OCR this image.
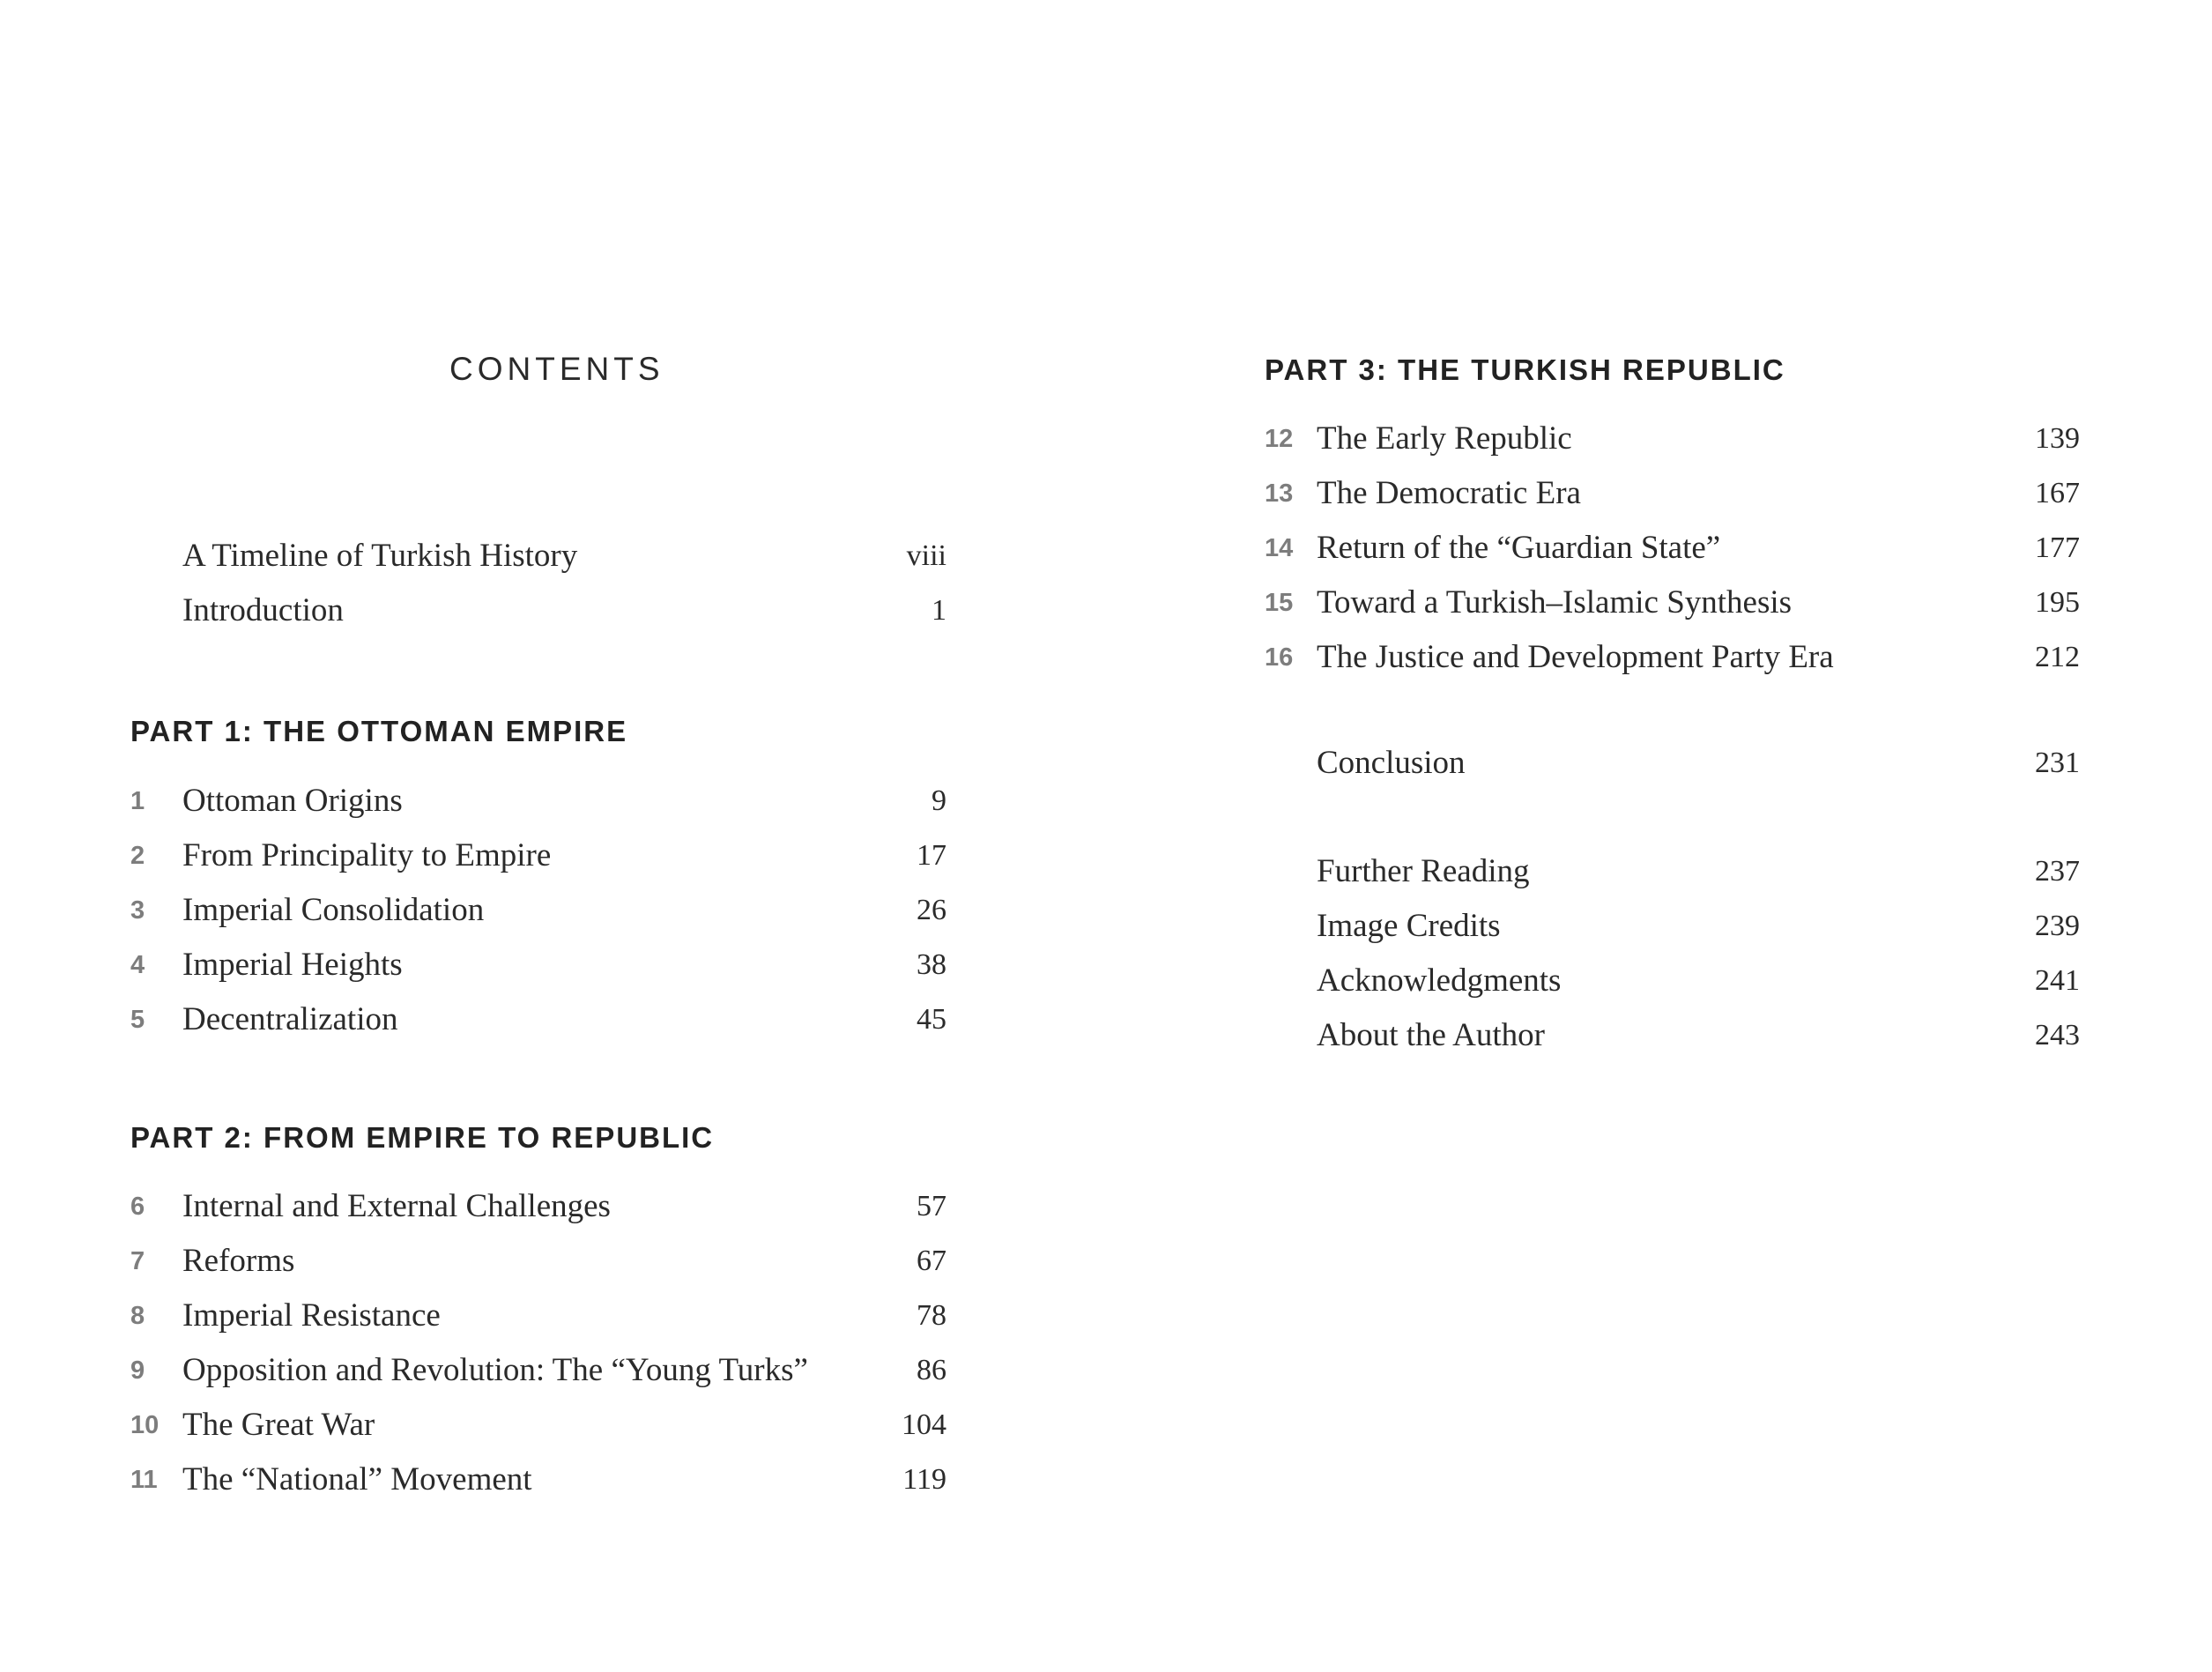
CONTENTS
A Timeline of Turkish History	viii
Introduction	1
PART 1: THE OTTOMAN EMPIRE
1 Ottoman Origins	9
2 From Principality to Empire	17
3 Imperial Consolidation	26
4 Imperial Heights	38
5 Decentralization	45
PART 2: FROM EMPIRE TO REPUBLIC
6 Internal and External Challenges	57
7 Reforms	67
8 Imperial Resistance	78
9 Opposition and Revolution: The “Young Turks”	86
10 The Great War	104
11 The “National” Movement	119
PART 3: THE TURKISH REPUBLIC
12 The Early Republic	139
13 The Democratic Era	167
14 Return of the “Guardian State”	177
15 Toward a Turkish–Islamic Synthesis	195
16 The Justice and Development Party Era	212
Conclusion	231
Further Reading	237
Image Credits	239
Acknowledgments	241
About the Author	243
